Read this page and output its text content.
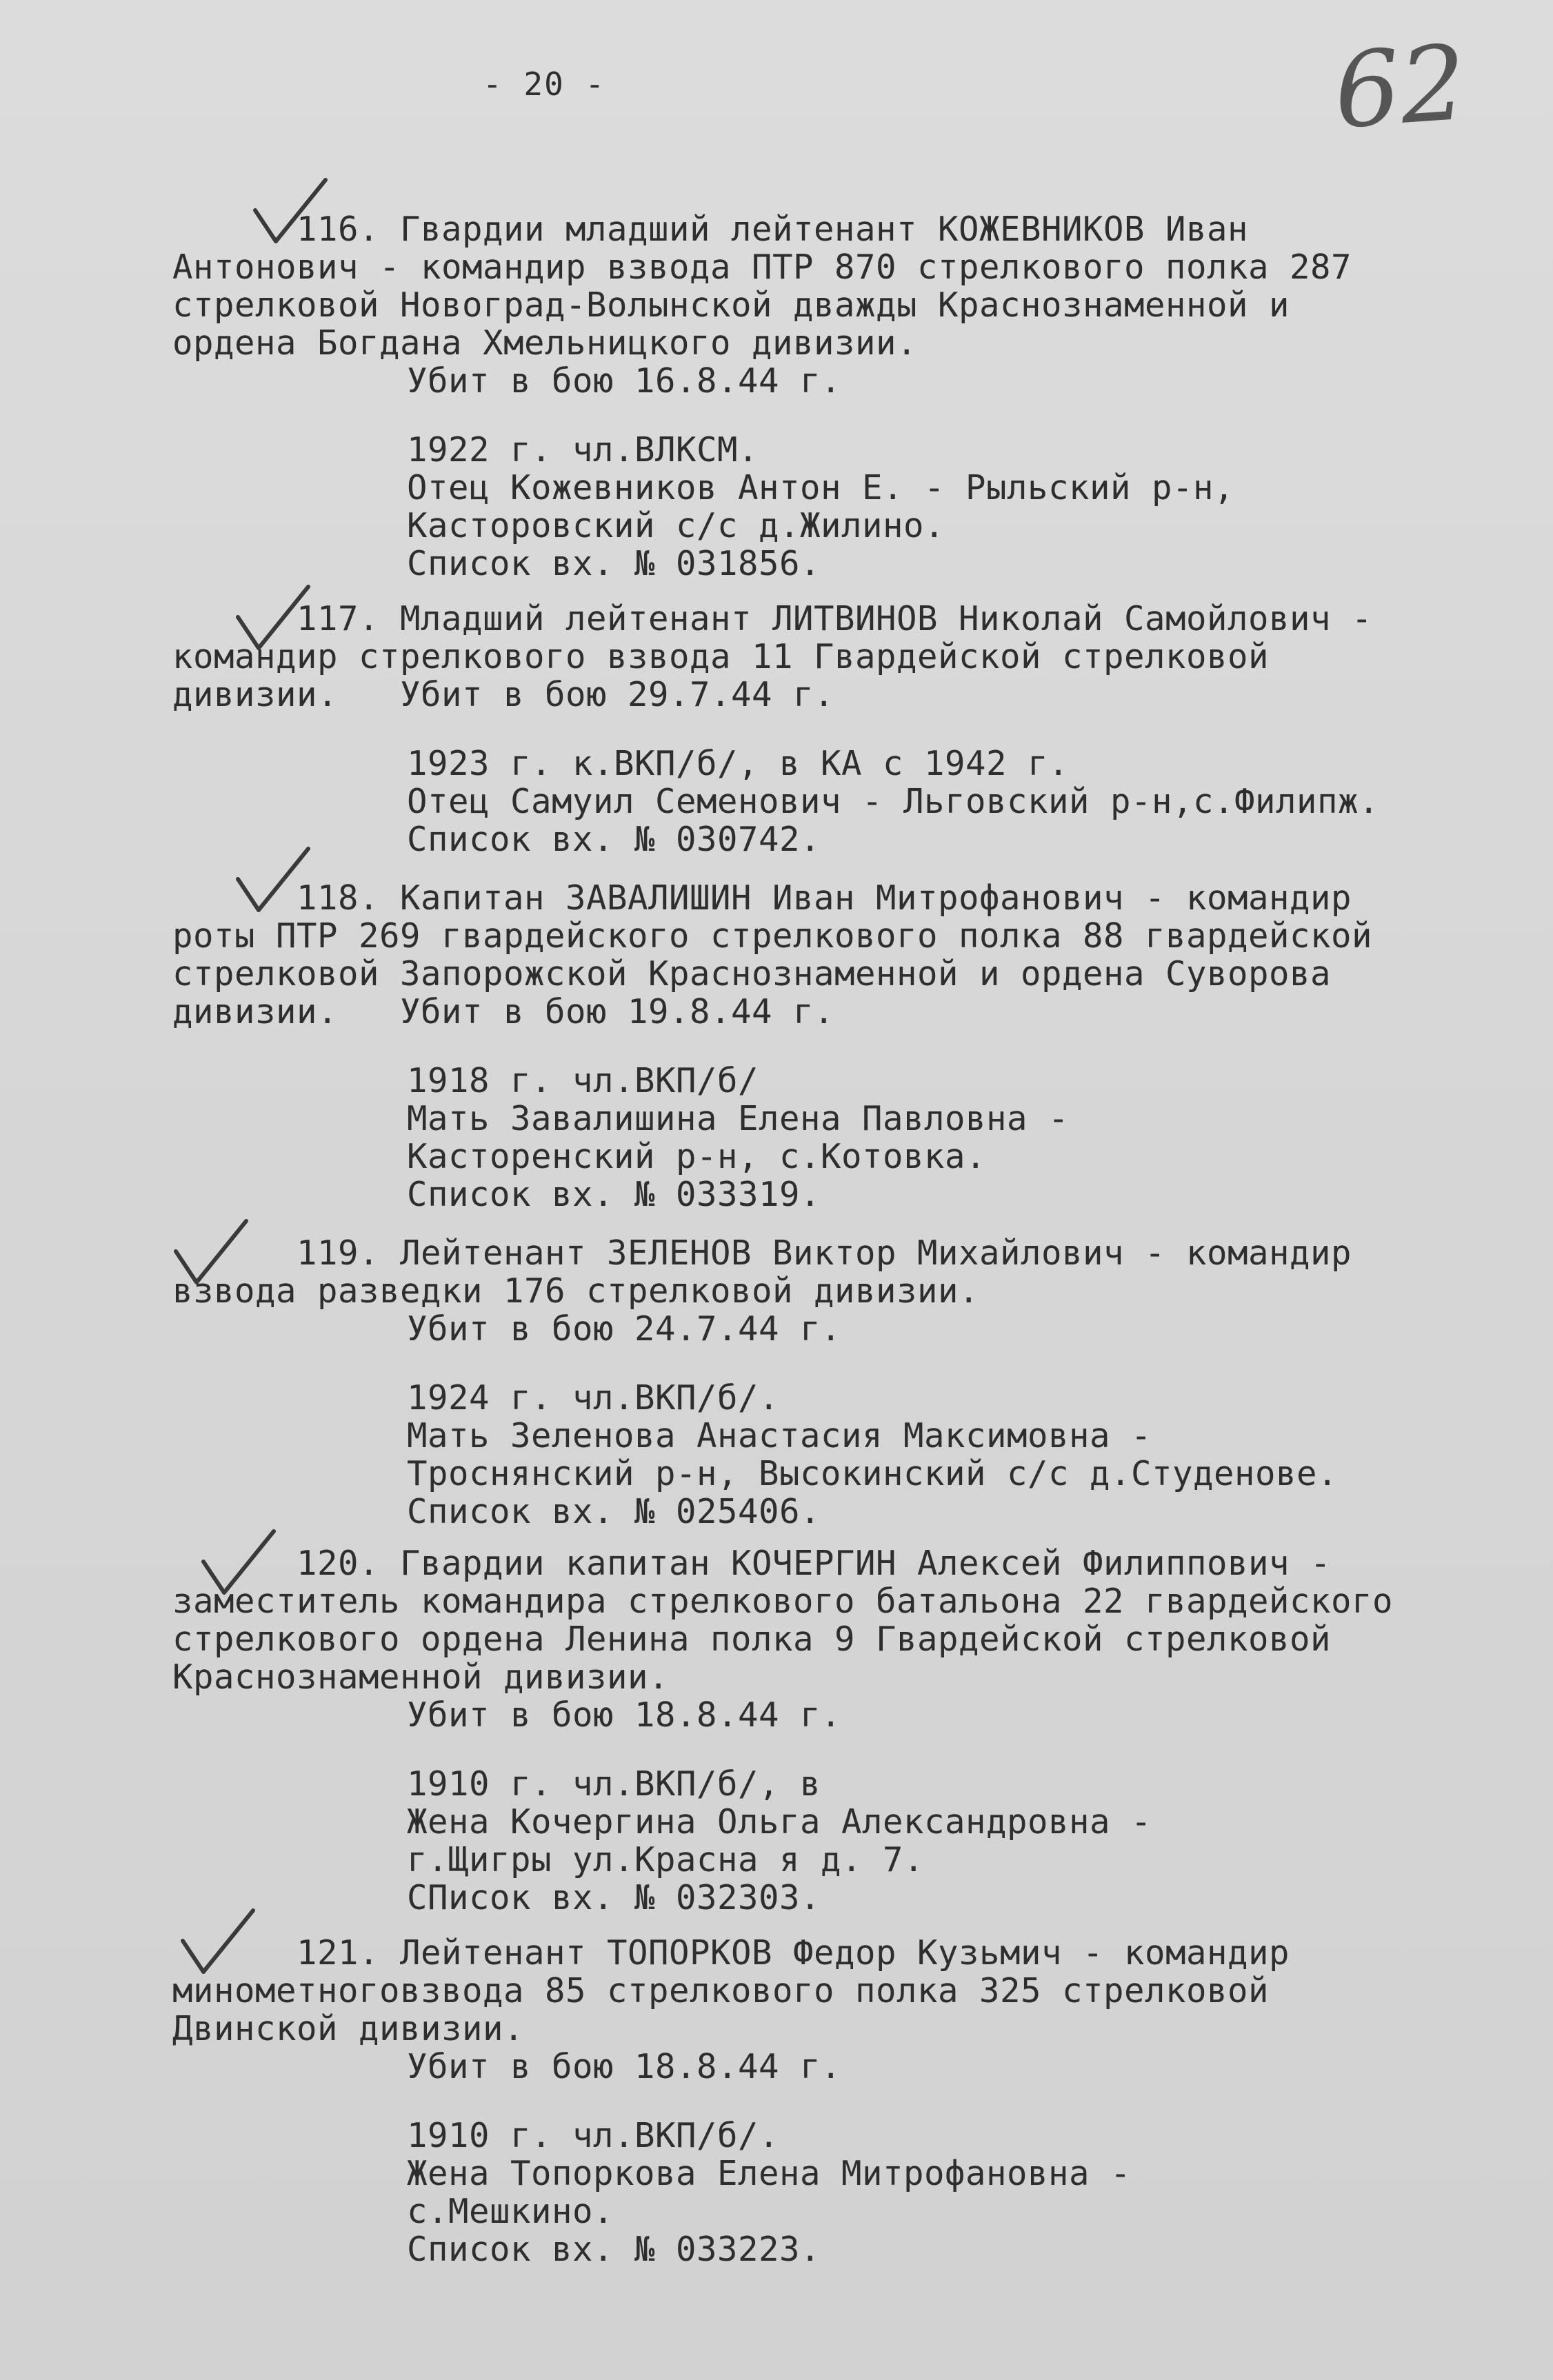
- 20 -	62
116. Гвардии младший лейтенант КОЖЕВНИКОВ Иван
Антонович - командир взвода ПТР 870 стрелкового полка 287
стрелковой Новоград-Волынской дважды Краснознаменной и
ордена Богдана Хмельницкого дивизии.
Убит в бою 16.8.44 г.
1922 г. чл.ВЛКСМ.
Отец Кожевников Антон Е. - Рыльский р-н,
Касторовский с/с д.Жилино.
Список вх. № 031856.
117. Младший лейтенант ЛИТВИНОВ Николай Самойлович -
командир стрелкового взвода 11 Гвардейской стрелковой
дивизии.   Убит в бою 29.7.44 г.
1923 г. к.ВКП/б/, в КА с 1942 г.
Отец Самуил Семенович - Льговский р-н,с.Филипж.
Список вх. № 030742.
118. Капитан ЗАВАЛИШИН Иван Митрофанович - командир
роты ПТР 269 гвардейского стрелкового полка 88 гвардейской
стрелковой Запорожской Краснознаменной и ордена Суворова
дивизии.   Убит в бою 19.8.44 г.
1918 г. чл.ВКП/б/
Мать Завалишина Елена Павловна -
Касторенский р-н, с.Котовка.
Список вх. № 033319.
119. Лейтенант ЗЕЛЕНОВ Виктор Михайлович - командир
взвода разведки 176 стрелковой дивизии.
Убит в бою 24.7.44 г.
1924 г. чл.ВКП/б/.
Мать Зеленова Анастасия Максимовна -
Троснянский р-н, Высокинский с/с д.Студенове.
Список вх. № 025406.
120. Гвардии капитан КОЧЕРГИН Алексей Филиппович -
заместитель командира стрелкового батальона 22 гвардейского
стрелкового ордена Ленина полка 9 Гвардейской стрелковой
Краснознаменной дивизии.
Убит в бою 18.8.44 г.
1910 г. чл.ВКП/б/, в
Жена Кочергина Ольга Александровна -
г.Щигры ул.Красна я д. 7.
СПисок вх. № 032303.
121. Лейтенант ТОПОРКОВ Федор Кузьмич - командир
минометноговзвода 85 стрелкового полка 325 стрелковой
Двинской дивизии.
Убит в бою 18.8.44 г.
1910 г. чл.ВКП/б/.
Жена Топоркова Елена Митрофановна -
с.Мешкино.
Список вх. № 033223.
